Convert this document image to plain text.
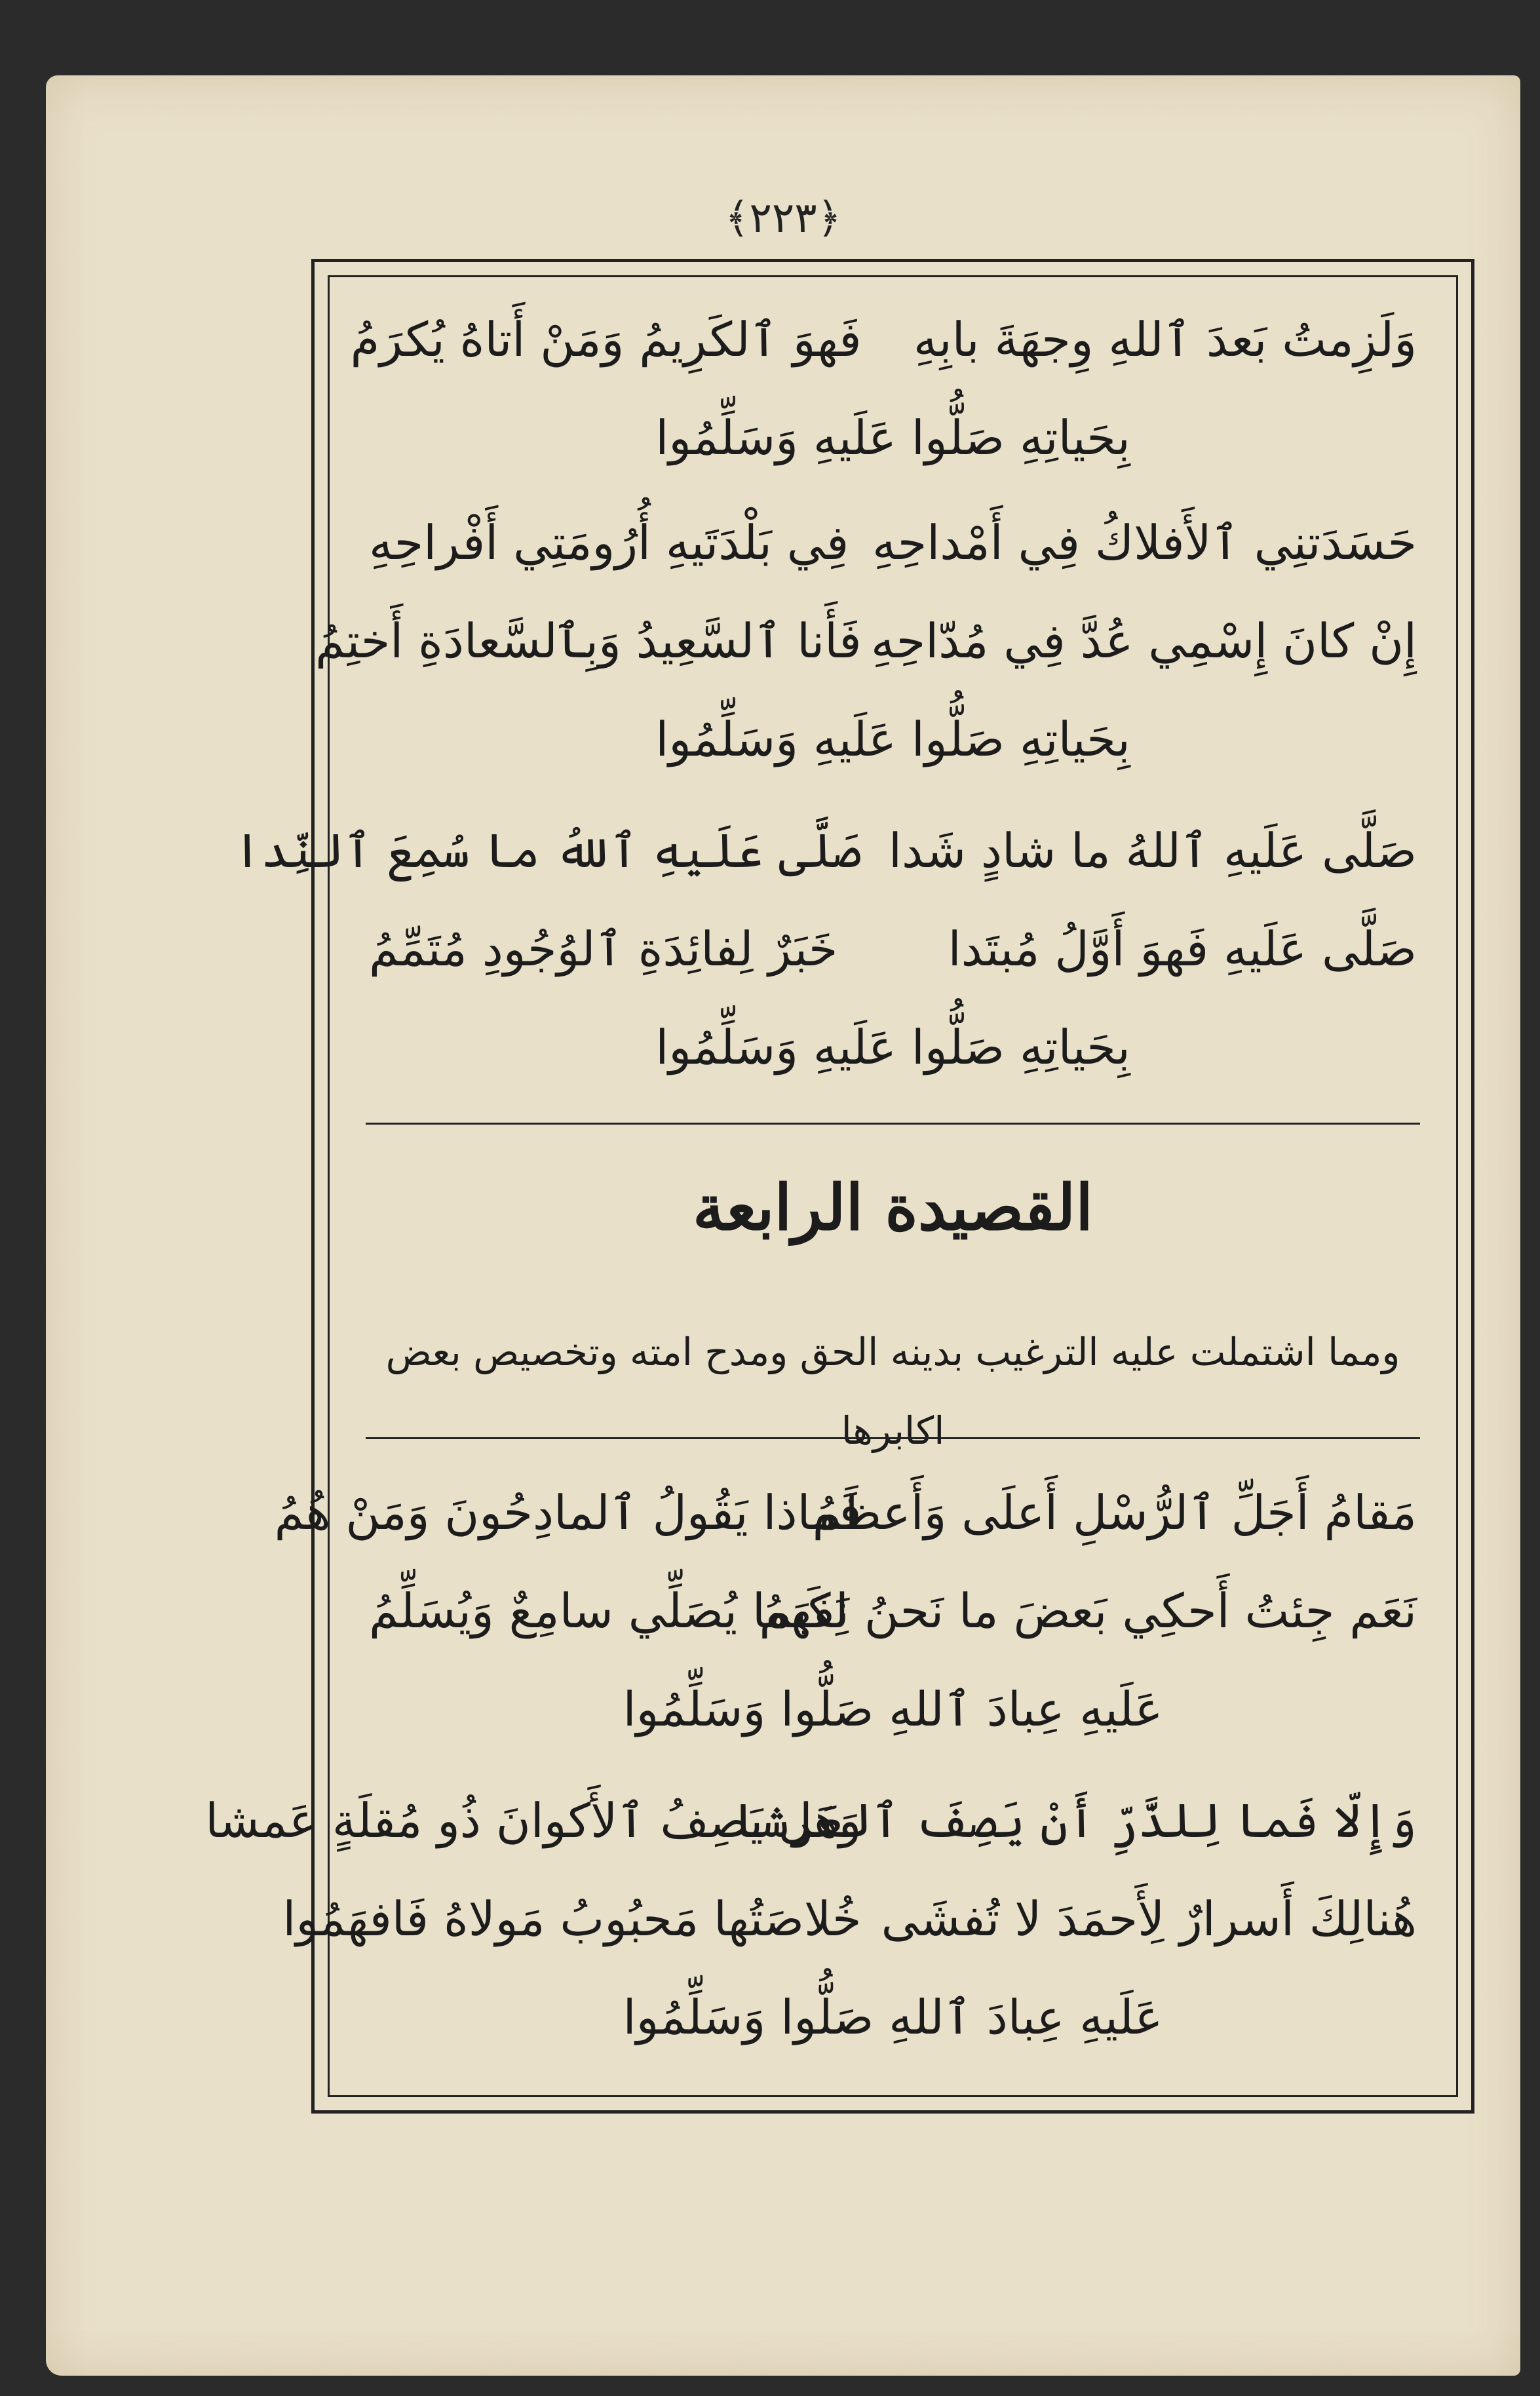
﴿٢٢٣﴾
وَلَزِمتُ بَعدَ ٱللهِ وِجهَةَ بابِهِ
فَهوَ ٱلكَرِيمُ وَمَنْ أَتاهُ يُكرَمُ
بِحَياتِهِ صَلُّوا عَلَيهِ وَسَلِّمُوا
حَسَدَتنِي ٱلأَفلاكُ فِي أَمْداحِهِ
فِي بَلْدَتَيهِ أُرُومَتِي أَفْراحِهِ
إِنْ كانَ إِسْمِي عُدَّ فِي مُدّاحِهِ
فَأَنا ٱلسَّعِيدُ وَبِٱلسَّعادَةِ أَختِمُ
بِحَياتِهِ صَلُّوا عَلَيهِ وَسَلِّمُوا
صَلَّى عَلَيهِ ٱللهُ ما شادٍ شَدا
صَلَّى عَلَيهِ ٱللهُ ما سُمِعَ ٱلنِّدا
صَلَّى عَلَيهِ فَهوَ أَوَّلُ مُبتَدا
خَبَرٌ لِفائِدَةِ ٱلوُجُودِ مُتَمِّمُ
بِحَياتِهِ صَلُّوا عَلَيهِ وَسَلِّمُوا
القصيدة الرابعة
ومما اشتملت عليه الترغيب بدينه الحق ومدح امته وتخصيص بعض اكابرها
مَقامُ أَجَلِّ ٱلرُّسْلِ أَعلَى وَأَعظَمُ
فَماذا يَقُولُ ٱلمادِحُونَ وَمَنْ هُمُ
نَعَم جِئتُ أَحكِي بَعضَ ما نَحنُ نَفهَمُ
لِكَيما يُصَلِّي سامِعٌ وَيُسَلِّمُ
عَلَيهِ عِبادَ ٱللهِ صَلُّوا وَسَلِّمُوا
وَإِلّا فَما لِلذَّرِّ أَنْ يَصِفَ ٱلعَرشا
وَهَل يَصِفُ ٱلأَكوانَ ذُو مُقلَةٍ عَمشا
هُنالِكَ أَسرارٌ لِأَحمَدَ لا تُفشَى
خُلاصَتُها مَحبُوبُ مَولاهُ فَافهَمُوا
عَلَيهِ عِبادَ ٱللهِ صَلُّوا وَسَلِّمُوا
